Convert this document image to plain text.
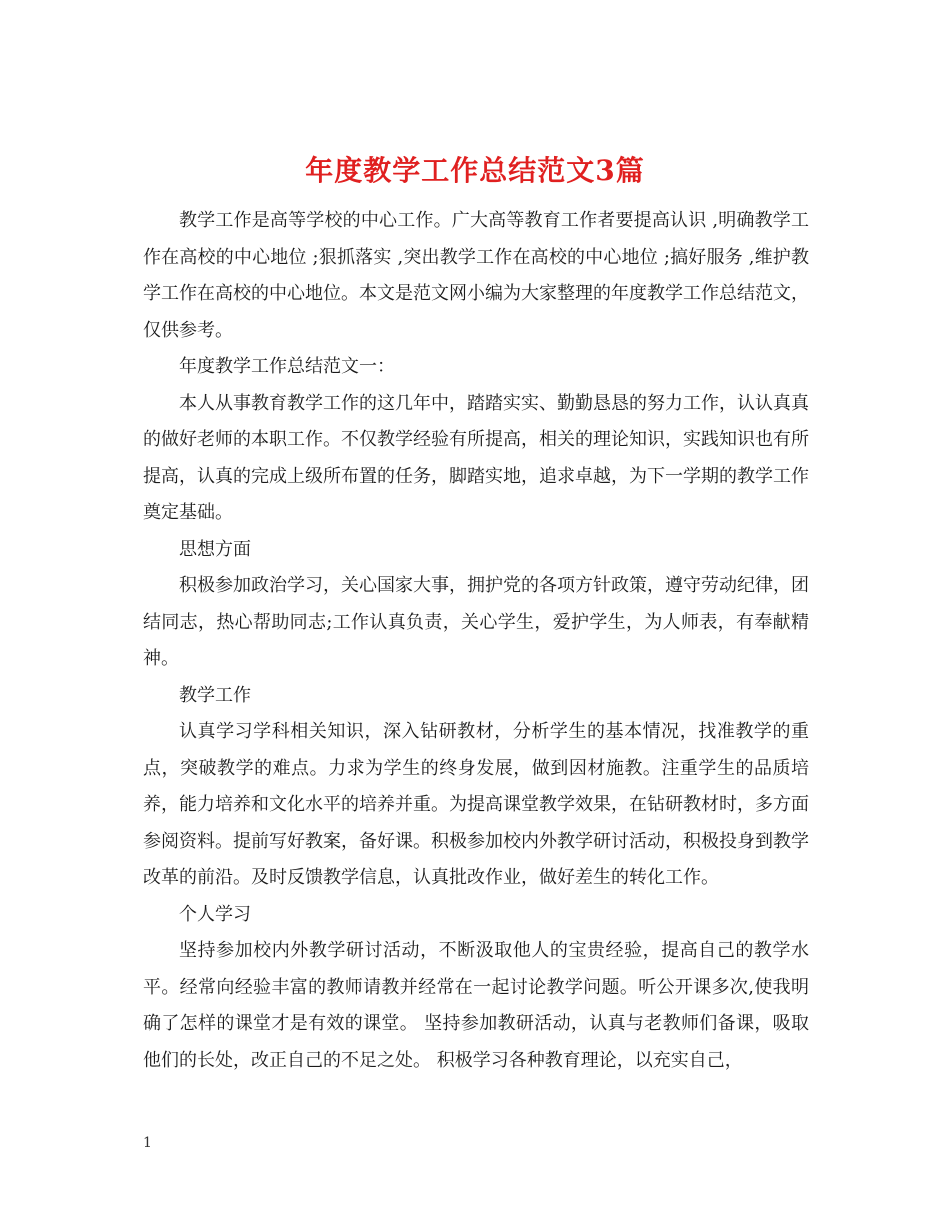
年度教学工作总结范文3篇

教学工作是高等学校的中心工作。广大高等教育工作者要提高认识 ,明确教学工作在高校的中心地位 ;狠抓落实 ,突出教学工作在高校的中心地位 ;搞好服务 ,维护教学工作在高校的中心地位。本文是范文网小编为大家整理的年度教学工作总结范文，仅供参考。

年度教学工作总结范文一：

本人从事教育教学工作的这几年中，踏踏实实、勤勤恳恳的努力工作，认认真真的做好老师的本职工作。不仅教学经验有所提高，相关的理论知识，实践知识也有所提高，认真的完成上级所布置的任务，脚踏实地，追求卓越，为下一学期的教学工作奠定基础。

思想方面

积极参加政治学习，关心国家大事，拥护党的各项方针政策，遵守劳动纪律，团结同志，热心帮助同志;工作认真负责，关心学生，爱护学生，为人师表，有奉献精神。

教学工作

认真学习学科相关知识，深入钻研教材，分析学生的基本情况，找准教学的重点，突破教学的难点。力求为学生的终身发展，做到因材施教。注重学生的品质培养，能力培养和文化水平的培养并重。为提高课堂教学效果，在钻研教材时，多方面参阅资料。提前写好教案，备好课。积极参加校内外教学研讨活动，积极投身到教学改革的前沿。及时反馈教学信息，认真批改作业，做好差生的转化工作。

个人学习

坚持参加校内外教学研讨活动，不断汲取他人的宝贵经验，提高自己的教学水平。经常向经验丰富的教师请教并经常在一起讨论教学问题。听公开课多次,使我明确了怎样的课堂才是有效的课堂。 坚持参加教研活动，认真与老教师们备课，吸取他们的长处，改正自己的不足之处。 积极学习各种教育理论，以充实自己，

1
